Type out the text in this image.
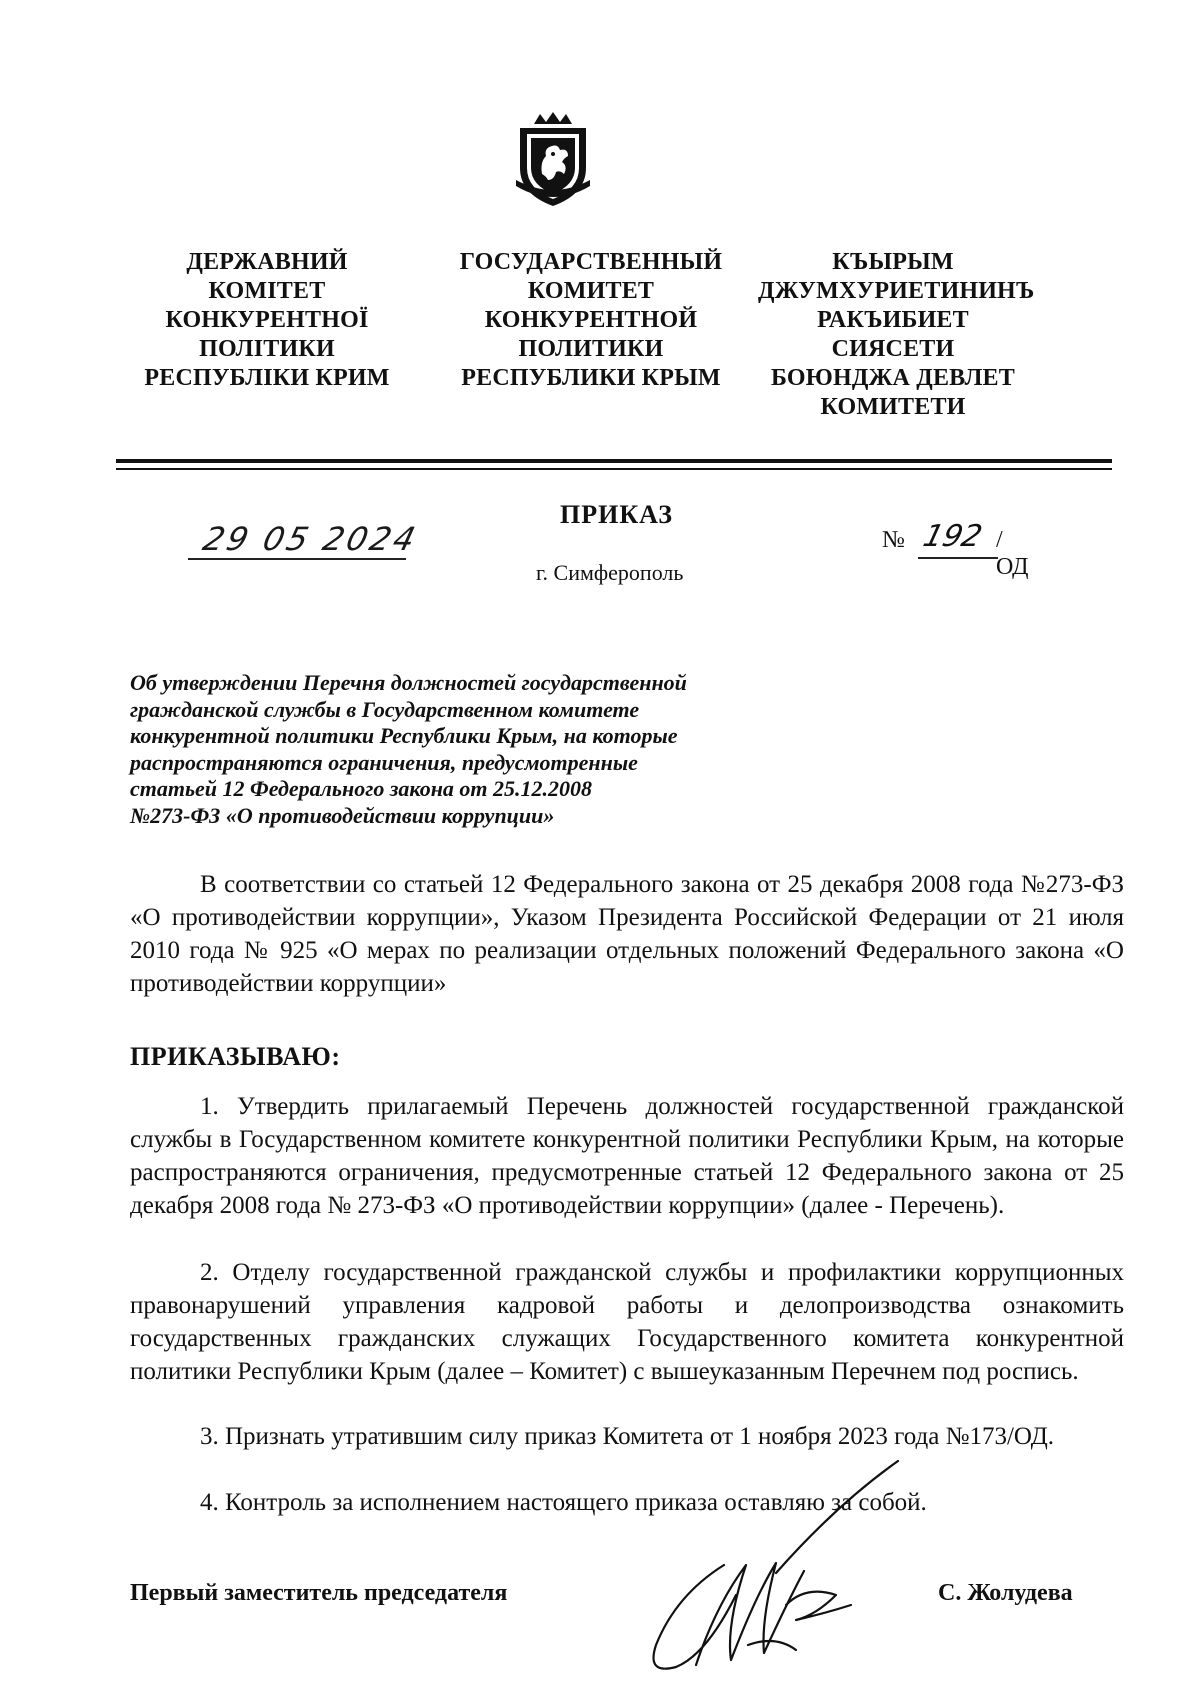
ДЕРЖАВНИЙ
КОМІТЕТ
КОНКУРЕНТНОЇ
ПОЛІТИКИ
РЕСПУБЛІКИ КРИМ
ГОСУДАРСТВЕННЫЙ
КОМИТЕТ
КОНКУРЕНТНОЙ
ПОЛИТИКИ
РЕСПУБЛИКИ КРЫМ
КЪЫРЫМ
ДЖУМХУРИЕТИНИНЪ
РАКЪИБИЕТ СИЯСЕТИ
БОЮНДЖА ДЕВЛЕТ
КОМИТЕТИ
ПРИКАЗ
г. Симферополь
29 05 2024	№ 192 /ОД
Об утверждении Перечня должностей государственной
гражданской службы в Государственном комитете
конкурентной политики Республики Крым, на которые
распространяются ограничения, предусмотренные
статьей 12 Федерального закона от 25.12.2008
№273-ФЗ «О противодействии коррупции»
В соответствии со статьей 12 Федерального закона от 25 декабря 2008 года №273-ФЗ «О противодействии коррупции», Указом Президента Российской Федерации от 21 июля 2010 года № 925 «О мерах по реализации отдельных положений Федерального закона «О противодействии коррупции»
ПРИКАЗЫВАЮ:
1. Утвердить прилагаемый Перечень должностей государственной гражданской службы в Государственном комитете конкурентной политики Республики Крым, на которые распространяются ограничения, предусмотренные статьей 12 Федерального закона от 25 декабря 2008 года № 273-ФЗ «О противодействии коррупции» (далее - Перечень).
2. Отделу государственной гражданской службы и профилактики коррупционных правонарушений управления кадровой работы и делопроизводства ознакомить государственных гражданских служащих Государственного комитета конкурентной политики Республики Крым (далее – Комитет) с вышеуказанным Перечнем под роспись.
3. Признать утратившим силу приказ Комитета от 1 ноября 2023 года №173/ОД.
4. Контроль за исполнением настоящего приказа оставляю за собой.
Первый заместитель председателя	С. Жолудева
